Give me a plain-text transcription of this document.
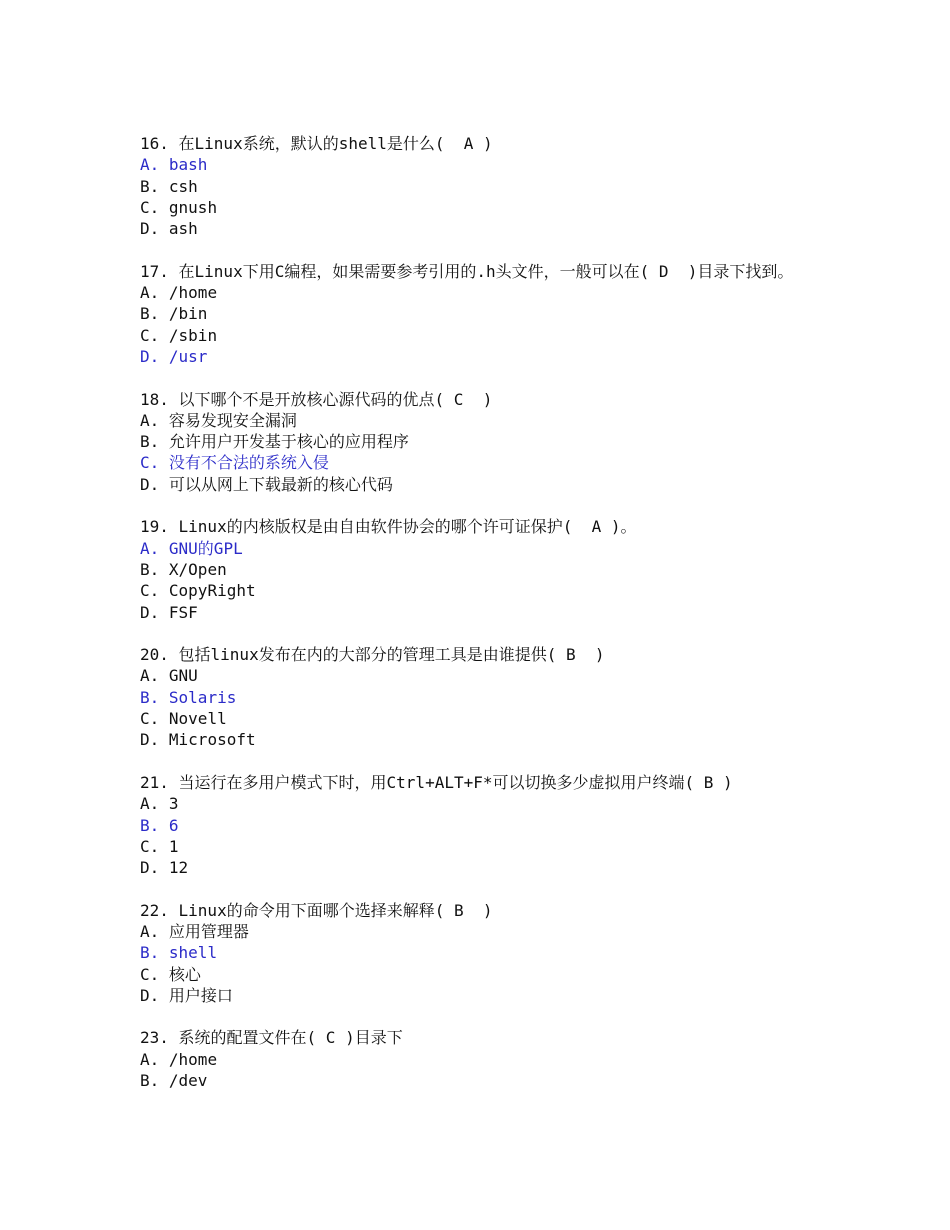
16. 在Linux系统，默认的shell是什么(  A )
A. bash
B. csh
C. gnush
D. ash
17. 在Linux下用C编程，如果需要参考引用的.h头文件，一般可以在( D  )目录下找到。
A. /home
B. /bin
C. /sbin
D. /usr
18. 以下哪个不是开放核心源代码的优点( C  )
A. 容易发现安全漏洞
B. 允许用户开发基于核心的应用程序
C. 没有不合法的系统入侵
D. 可以从网上下载最新的核心代码
19. Linux的内核版权是由自由软件协会的哪个许可证保护(  A )。
A. GNU的GPL
B. X/Open
C. CopyRight
D. FSF
20. 包括linux发布在内的大部分的管理工具是由谁提供( B  )
A. GNU
B. Solaris
C. Novell
D. Microsoft
21. 当运行在多用户模式下时，用Ctrl+ALT+F*可以切换多少虚拟用户终端( B )
A. 3
B. 6
C. 1
D. 12
22. Linux的命令用下面哪个选择来解释( B  )
A. 应用管理器
B. shell
C. 核心
D. 用户接口
23. 系统的配置文件在( C )目录下
A. /home
B. /dev
